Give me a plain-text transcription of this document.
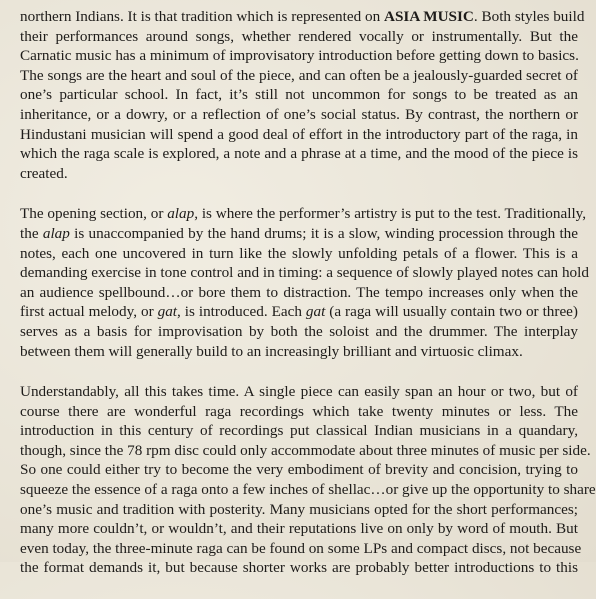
northern Indians. It is that tradition which is represented on ASIA MUSIC. Both styles build
their performances around songs, whether rendered vocally or instrumentally. But the
Carnatic music has a minimum of improvisatory introduction before getting down to basics.
The songs are the heart and soul of the piece, and can often be a jealously-guarded secret of
one’s particular school. In fact, it’s still not uncommon for songs to be treated as an
inheritance, or a dowry, or a reflection of one’s social status. By contrast, the northern or
Hindustani musician will spend a good deal of effort in the introductory part of the raga, in
which the raga scale is explored, a note and a phrase at a time, and the mood of the piece is
created.
The opening section, or alap, is where the performer’s artistry is put to the test. Traditionally,
the alap is unaccompanied by the hand drums; it is a slow, winding procession through the
notes, each one uncovered in turn like the slowly unfolding petals of a flower. This is a
demanding exercise in tone control and in timing: a sequence of slowly played notes can hold
an audience spellbound…or bore them to distraction. The tempo increases only when the
first actual melody, or gat, is introduced. Each gat (a raga will usually contain two or three)
serves as a basis for improvisation by both the soloist and the drummer. The interplay
between them will generally build to an increasingly brilliant and virtuosic climax.
Understandably, all this takes time. A single piece can easily span an hour or two, but of
course there are wonderful raga recordings which take twenty minutes or less. The
introduction in this century of recordings put classical Indian musicians in a quandary,
though, since the 78 rpm disc could only accommodate about three minutes of music per side.
So one could either try to become the very embodiment of brevity and concision, trying to
squeeze the essence of a raga onto a few inches of shellac…or give up the opportunity to share
one’s music and tradition with posterity. Many musicians opted for the short performances;
many more couldn’t, or wouldn’t, and their reputations live on only by word of mouth. But
even today, the three-minute raga can be found on some LPs and compact discs, not because
the format demands it, but because shorter works are probably better introductions to this
